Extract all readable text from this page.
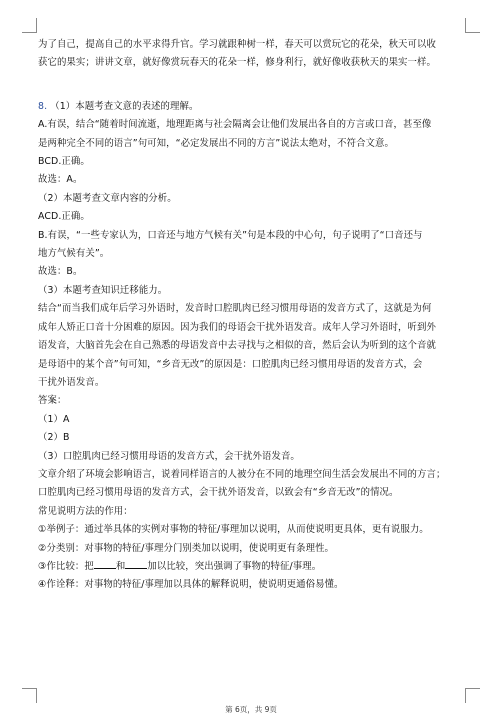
为了自己，提高自己的水平求得升官。学习就跟种树一样，春天可以赏玩它的花朵，秋天可以收
获它的果实；讲讲文章，就好像赏玩春天的花朵一样，修身利行，就好像收获秋天的果实一样。
8. （1）本题考查文意的表述的理解。
A.有误，结合“随着时间流逝，地理距离与社会隔离会让他们发展出各自的方言或口音，甚至像
是两种完全不同的语言”句可知，“必定发展出不同的方言”说法太绝对，不符合文意。
BCD.正确。
故选：A。
（2）本题考查文章内容的分析。
ACD.正确。
B.有误，“一些专家认为，口音还与地方气候有关”句是本段的中心句，句子说明了“口音还与
地方气候有关”。
故选：B。
（3）本题考查知识迁移能力。
结合“而当我们成年后学习外语时，发音时口腔肌肉已经习惯用母语的发音方式了，这就是为何
成年人矫正口音十分困难的原因。因为我们的母语会干扰外语发音。成年人学习外语时，听到外
语发音，大脑首先会在自己熟悉的母语发音中去寻找与之相似的音，然后会认为听到的这个音就
是母语中的某个音”句可知，“乡音无改”的原因是：口腔肌肉已经习惯用母语的发音方式，会
干扰外语发音。
答案：
（1）A
（2）B
（3）口腔肌肉已经习惯用母语的发音方式，会干扰外语发音。
文章介绍了环境会影响语言，说着同样语言的人被分在不同的地理空间生活会发展出不同的方言；
口腔肌肉已经习惯用母语的发音方式，会干扰外语发音，以致会有“乡音无改”的情况。
常见说明方法的作用：
①举例子：通过举具体的实例对事物的特征/事理加以说明，从而使说明更具体，更有说服力。
②分类别：对事物的特征/事理分门别类加以说明，使说明更有条理性。
③作比较：把 和 加以比较，突出强调了事物的特征/事理。
④作诠释：对事物的特征/事理加以具体的解释说明，使说明更通俗易懂。
第 6页，共 9页
